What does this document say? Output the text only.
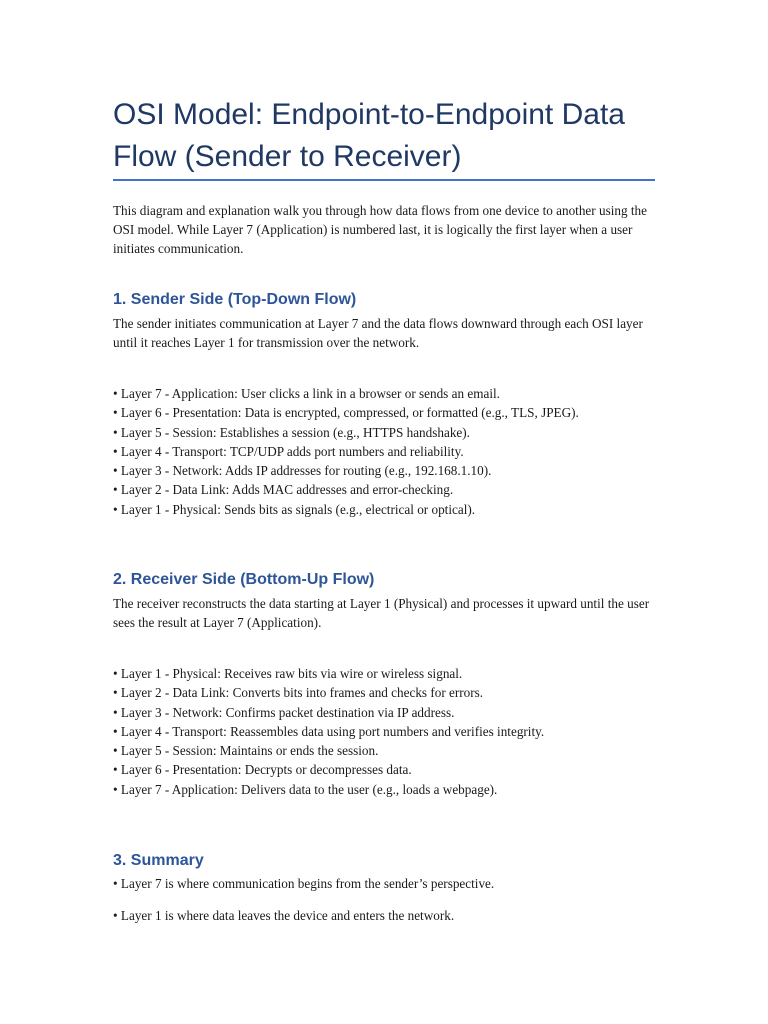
OSI Model: Endpoint-to-Endpoint Data Flow (Sender to Receiver)

This diagram and explanation walk you through how data flows from one device to another using the OSI model. While Layer 7 (Application) is numbered last, it is logically the first layer when a user initiates communication.

1. Sender Side (Top-Down Flow)

The sender initiates communication at Layer 7 and the data flows downward through each OSI layer until it reaches Layer 1 for transmission over the network.

• Layer 7 - Application: User clicks a link in a browser or sends an email.
• Layer 6 - Presentation: Data is encrypted, compressed, or formatted (e.g., TLS, JPEG).
• Layer 5 - Session: Establishes a session (e.g., HTTPS handshake).
• Layer 4 - Transport: TCP/UDP adds port numbers and reliability.
• Layer 3 - Network: Adds IP addresses for routing (e.g., 192.168.1.10).
• Layer 2 - Data Link: Adds MAC addresses and error-checking.
• Layer 1 - Physical: Sends bits as signals (e.g., electrical or optical).
2. Receiver Side (Bottom-Up Flow)

The receiver reconstructs the data starting at Layer 1 (Physical) and processes it upward until the user sees the result at Layer 7 (Application).

• Layer 1 - Physical: Receives raw bits via wire or wireless signal.
• Layer 2 - Data Link: Converts bits into frames and checks for errors.
• Layer 3 - Network: Confirms packet destination via IP address.
• Layer 4 - Transport: Reassembles data using port numbers and verifies integrity.
• Layer 5 - Session: Maintains or ends the session.
• Layer 6 - Presentation: Decrypts or decompresses data.
• Layer 7 - Application: Delivers data to the user (e.g., loads a webpage).
3. Summary

• Layer 7 is where communication begins from the sender’s perspective.

• Layer 1 is where data leaves the device and enters the network.
